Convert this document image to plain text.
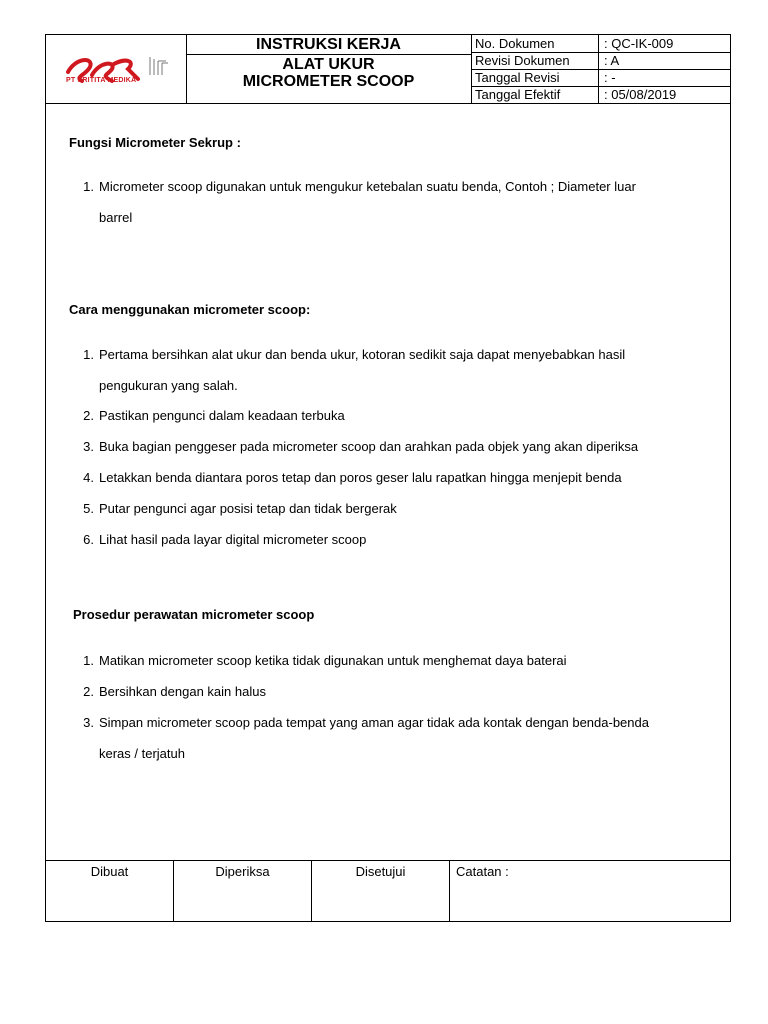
PT SRITITA MEDIKA
INSTRUKSI KERJA
ALAT UKUR
MICROMETER SCOOP
No. Dokumen	: QC-IK-009
Revisi Dokumen	: A
Tanggal Revisi	: -
Tanggal Efektif	: 05/08/2019
Fungsi Micrometer Sekrup :
1. Micrometer scoop digunakan untuk mengukur ketebalan suatu benda, Contoh ; Diameter luar
barrel
Cara menggunakan micrometer scoop:
1. Pertama bersihkan alat ukur dan benda ukur, kotoran sedikit saja dapat menyebabkan hasil
pengukuran yang salah.
2. Pastikan pengunci dalam keadaan terbuka
3. Buka bagian penggeser pada micrometer scoop dan arahkan pada objek yang akan diperiksa
4. Letakkan benda diantara poros tetap dan poros geser lalu rapatkan hingga menjepit benda
5. Putar pengunci agar posisi tetap dan tidak bergerak
6. Lihat hasil pada layar digital micrometer scoop
Prosedur perawatan micrometer scoop
1. Matikan micrometer scoop ketika tidak digunakan untuk menghemat daya baterai
2. Bersihkan dengan kain halus
3. Simpan micrometer scoop pada tempat yang aman agar tidak ada kontak dengan benda-benda
keras / terjatuh
Dibuat	Diperiksa	Disetujui	Catatan :
